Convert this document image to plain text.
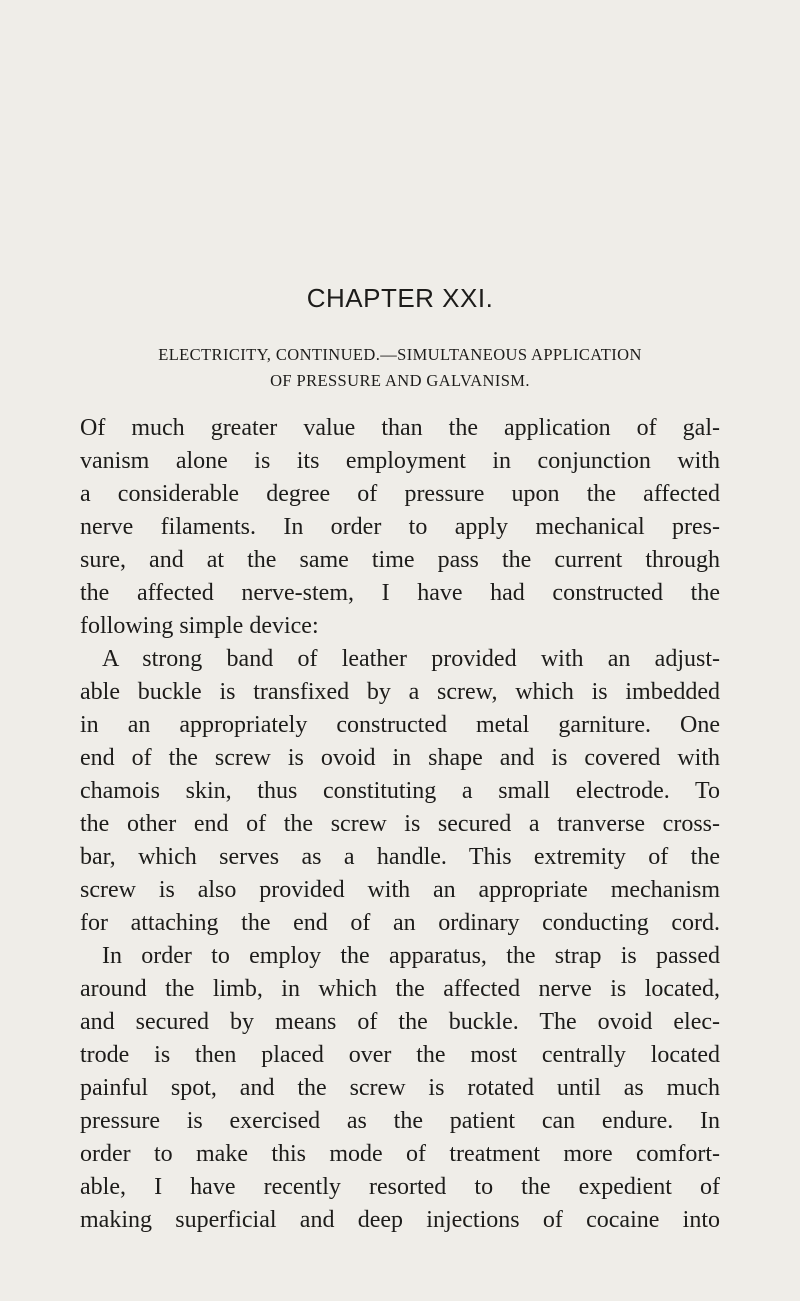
CHAPTER XXI.
ELECTRICITY, CONTINUED.—SIMULTANEOUS APPLICATION
OF PRESSURE AND GALVANISM.
Of much greater value than the application of gal-
vanism alone is its employment in conjunction with
a considerable degree of pressure upon the affected
nerve filaments. In order to apply mechanical pres-
sure, and at the same time pass the current through
the affected nerve-stem, I have had constructed the
following simple device:
A strong band of leather provided with an adjust-
able buckle is transfixed by a screw, which is imbedded
in an appropriately constructed metal garniture. One
end of the screw is ovoid in shape and is covered with
chamois skin, thus constituting a small electrode. To
the other end of the screw is secured a tranverse cross-
bar, which serves as a handle. This extremity of the
screw is also provided with an appropriate mechanism
for attaching the end of an ordinary conducting cord.
In order to employ the apparatus, the strap is passed
around the limb, in which the affected nerve is located,
and secured by means of the buckle. The ovoid elec-
trode is then placed over the most centrally located
painful spot, and the screw is rotated until as much
pressure is exercised as the patient can endure. In
order to make this mode of treatment more comfort-
able, I have recently resorted to the expedient of
making superficial and deep injections of cocaine into
